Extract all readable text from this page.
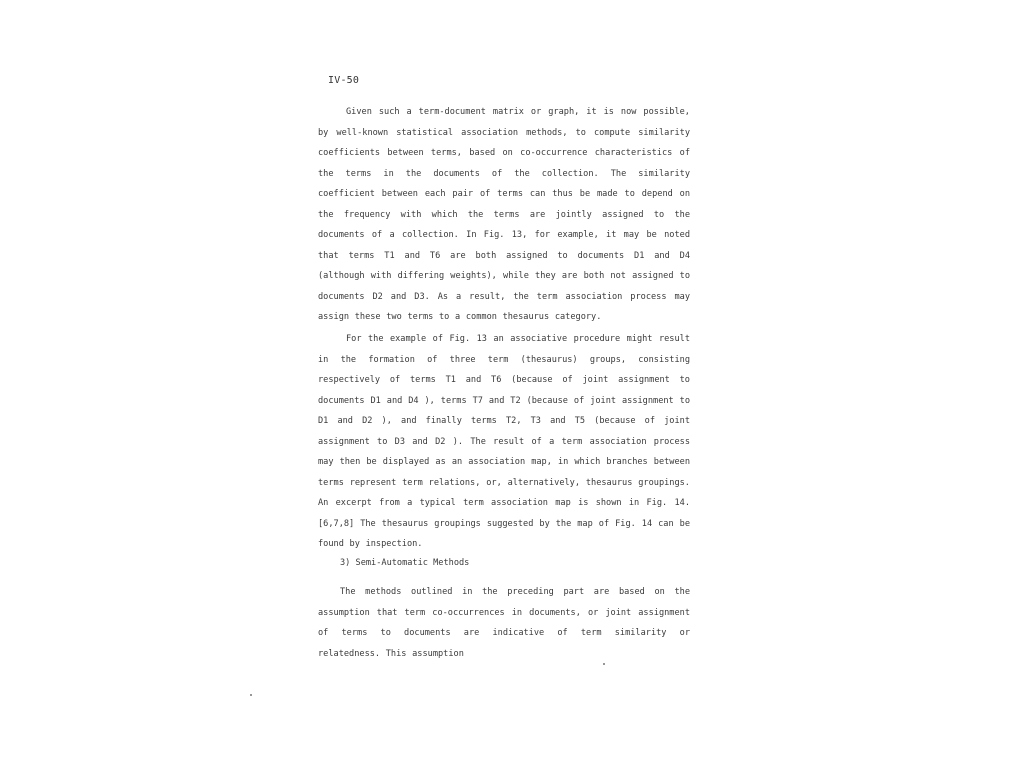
IV-50
Given such a term-document matrix or graph, it is now possible, by well-known statistical association methods, to compute similarity coefficients between terms, based on co-occurrence characteristics of the terms in the documents of the collection. The similarity coefficient between each pair of terms can thus be made to depend on the frequency with which the terms are jointly assigned to the documents of a collection. In Fig. 13, for example, it may be noted that terms T1 and T6 are both assigned to documents D1 and D4 (although with differing weights), while they are both not assigned to documents D2 and D3. As a result, the term association process may assign these two terms to a common thesaurus category.
For the example of Fig. 13 an associative procedure might result in the formation of three term (thesaurus) groups, consisting respectively of terms T1 and T6 (because of joint assignment to documents D1 and D4 ), terms T7 and T2 (because of joint assignment to D1 and D2 ), and finally terms T2, T3 and T5 (because of joint assignment to D3 and D2 ). The result of a term association process may then be displayed as an association map, in which branches between terms represent term relations, or, alternatively, thesaurus groupings. An excerpt from a typical term association map is shown in Fig. 14.[6,7,8] The thesaurus groupings suggested by the map of Fig. 14 can be found by inspection.
3) Semi-Automatic Methods
The methods outlined in the preceding part are based on the assumption that term co-occurrences in documents, or joint assignment of terms to documents are indicative of term similarity or relatedness. This assumption
